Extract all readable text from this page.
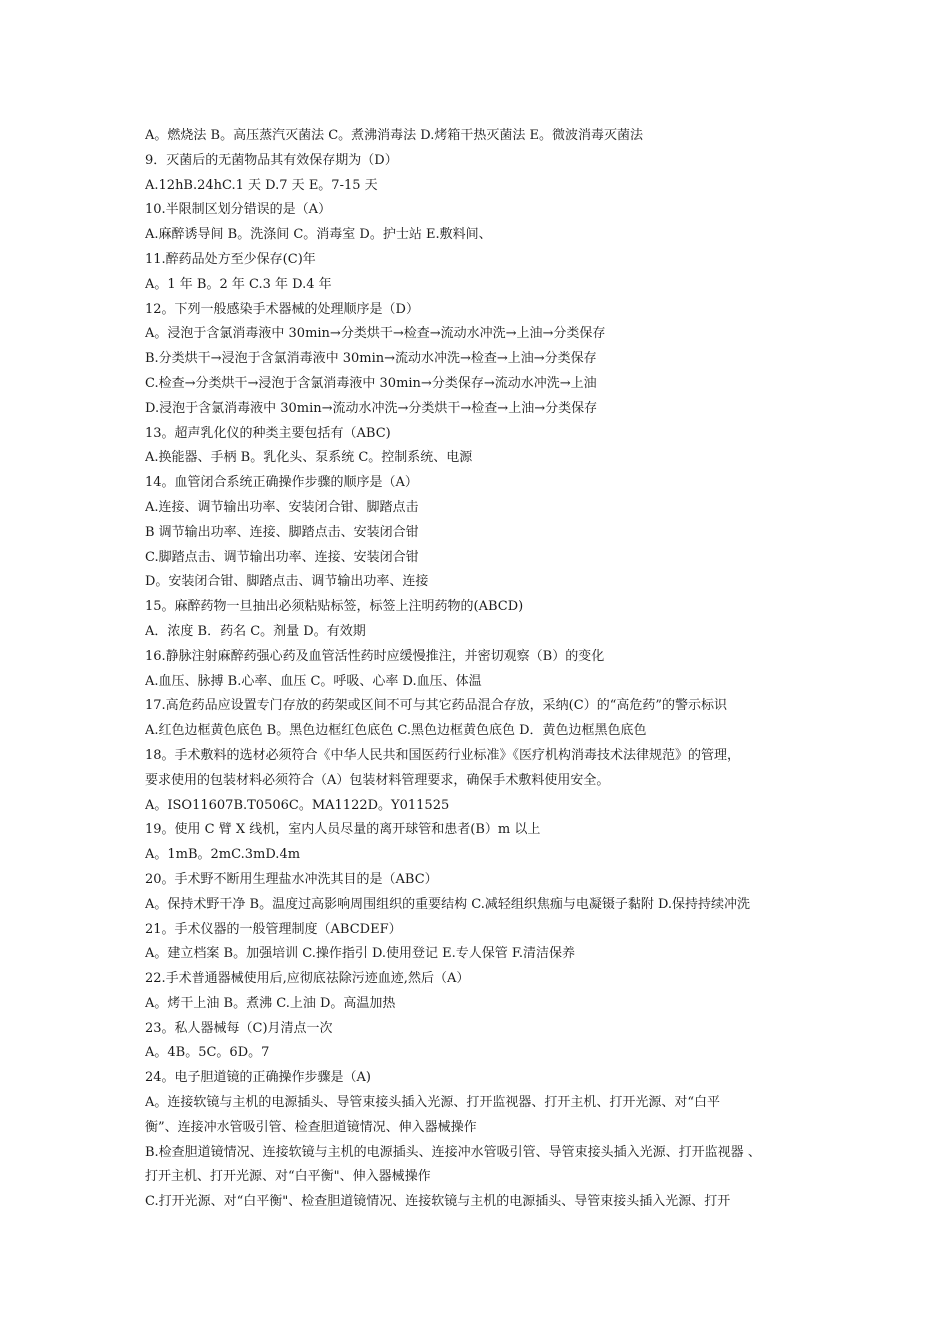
A。燃烧法 B。高压蒸汽灭菌法 C。煮沸消毒法 D.烤箱干热灭菌法 E。微波消毒灭菌法
9．灭菌后的无菌物品其有效保存期为（D）
A.12hB.24hC.1 天 D.7 天 E。7-15 天
10.半限制区划分错误的是（A）
A.麻醉诱导间 B。洗涤间 C。消毒室 D。护士站 E.敷料间、
11.醉药品处方至少保存(C)年
A。1 年 B。2 年 C.3 年 D.4 年
12。下列一般感染手术器械的处理顺序是（D）
A。浸泡于含氯消毒液中 30min→分类烘干→检查→流动水冲洗→上油→分类保存
B.分类烘干→浸泡于含氯消毒液中 30min→流动水冲洗→检查→上油→分类保存
C.检查→分类烘干→浸泡于含氯消毒液中 30min→分类保存→流动水冲洗→上油
D.浸泡于含氯消毒液中 30min→流动水冲洗→分类烘干→检查→上油→分类保存
13。超声乳化仪的种类主要包括有（ABC)
A.换能器、手柄 B。乳化头、泵系统 C。控制系统、电源
14。血管闭合系统正确操作步骤的顺序是（A）
A.连接、调节输出功率、安装闭合钳、脚踏点击
B 调节输出功率、连接、脚踏点击、安装闭合钳
C.脚踏点击、调节输出功率、连接、安装闭合钳
D。安装闭合钳、脚踏点击、调节输出功率、连接
15。麻醉药物一旦抽出必须粘贴标签，标签上注明药物的(ABCD)
A．浓度 B．药名 C。剂量 D。有效期
16.静脉注射麻醉药强心药及血管活性药时应缓慢推注，并密切观察（B）的变化
A.血压、脉搏 B.心率、血压 C。呼吸、心率 D.血压、体温
17.高危药品应设置专门存放的药架或区间不可与其它药品混合存放，采纳(C）的“高危药”的警示标识
A.红色边框黄色底色 B。黑色边框红色底色 C.黑色边框黄色底色 D．黄色边框黑色底色
18。手术敷料的选材必须符合《中华人民共和国医药行业标准》《医疗机构消毒技术法律规范》的管理，
要求使用的包装材料必须符合（A）包装材料管理要求，确保手术敷料使用安全。
A。ISO11607B.T0506C。MA1122D。Y011525
19。使用 C 臂 X 线机，室内人员尽量的离开球管和患者(B）m 以上
A。1mB。2mC.3mD.4m
20。手术野不断用生理盐水冲洗其目的是（ABC）
A。保持术野干净 B。温度过高影响周围组织的重要结构 C.减轻组织焦痂与电凝镊子黏附 D.保持持续冲洗
21。手术仪器的一般管理制度（ABCDEF）
A。建立档案 B。加强培训 C.操作指引 D.使用登记 E.专人保管 F.清洁保养
22.手术普通器械使用后,应彻底祛除污迹血迹,然后（A）
A。烤干上油 B。煮沸 C.上油 D。高温加热
23。私人器械每（C)月清点一次
A。4B。5C。6D。7
24。电子胆道镜的正确操作步骤是（A)
A。连接软镜与主机的电源插头、导管束接头插入光源、打开监视器、打开主机、打开光源、对“白平
衡”、连接冲水管吸引管、检查胆道镜情况、伸入器械操作
B.检查胆道镜情况、连接软镜与主机的电源插头、连接冲水管吸引管、导管束接头插入光源、打开监视器 、
打开主机、打开光源、对“白平衡"、伸入器械操作
C.打开光源、对“白平衡"、检查胆道镜情况、连接软镜与主机的电源插头、导管束接头插入光源、打开
